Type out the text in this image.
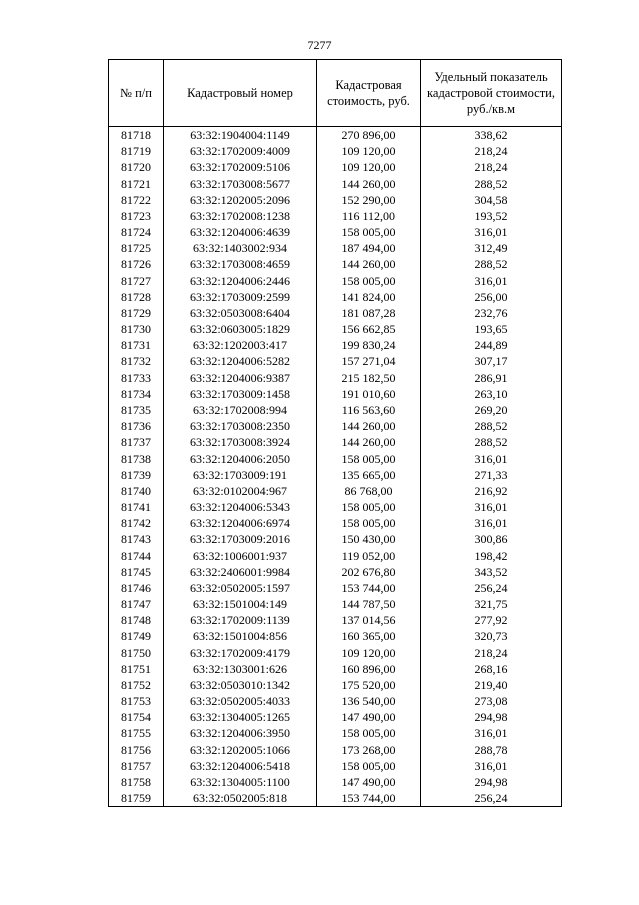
7277
№ п/п	Кадастровый номер	Кадастровая стоимость, руб.	Удельный показатель кадастровой стоимости, руб./кв.м
81718	63:32:1904004:1149	270 896,00	338,62
81719	63:32:1702009:4009	109 120,00	218,24
81720	63:32:1702009:5106	109 120,00	218,24
81721	63:32:1703008:5677	144 260,00	288,52
81722	63:32:1202005:2096	152 290,00	304,58
81723	63:32:1702008:1238	116 112,00	193,52
81724	63:32:1204006:4639	158 005,00	316,01
81725	63:32:1403002:934	187 494,00	312,49
81726	63:32:1703008:4659	144 260,00	288,52
81727	63:32:1204006:2446	158 005,00	316,01
81728	63:32:1703009:2599	141 824,00	256,00
81729	63:32:0503008:6404	181 087,28	232,76
81730	63:32:0603005:1829	156 662,85	193,65
81731	63:32:1202003:417	199 830,24	244,89
81732	63:32:1204006:5282	157 271,04	307,17
81733	63:32:1204006:9387	215 182,50	286,91
81734	63:32:1703009:1458	191 010,60	263,10
81735	63:32:1702008:994	116 563,60	269,20
81736	63:32:1703008:2350	144 260,00	288,52
81737	63:32:1703008:3924	144 260,00	288,52
81738	63:32:1204006:2050	158 005,00	316,01
81739	63:32:1703009:191	135 665,00	271,33
81740	63:32:0102004:967	86 768,00	216,92
81741	63:32:1204006:5343	158 005,00	316,01
81742	63:32:1204006:6974	158 005,00	316,01
81743	63:32:1703009:2016	150 430,00	300,86
81744	63:32:1006001:937	119 052,00	198,42
81745	63:32:2406001:9984	202 676,80	343,52
81746	63:32:0502005:1597	153 744,00	256,24
81747	63:32:1501004:149	144 787,50	321,75
81748	63:32:1702009:1139	137 014,56	277,92
81749	63:32:1501004:856	160 365,00	320,73
81750	63:32:1702009:4179	109 120,00	218,24
81751	63:32:1303001:626	160 896,00	268,16
81752	63:32:0503010:1342	175 520,00	219,40
81753	63:32:0502005:4033	136 540,00	273,08
81754	63:32:1304005:1265	147 490,00	294,98
81755	63:32:1204006:3950	158 005,00	316,01
81756	63:32:1202005:1066	173 268,00	288,78
81757	63:32:1204006:5418	158 005,00	316,01
81758	63:32:1304005:1100	147 490,00	294,98
81759	63:32:0502005:818	153 744,00	256,24
